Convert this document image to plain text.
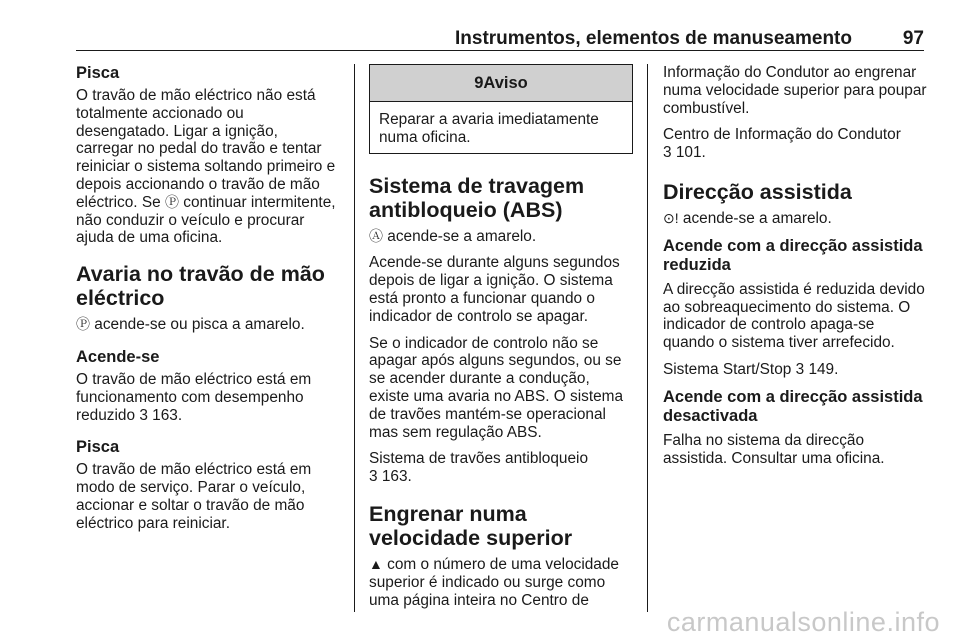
Instrumentos, elementos de manuseamento	97
Pisca

O travão de mão eléctrico não está totalmente accionado ou desengatado. Ligar a ignição, carregar no pedal do travão e tentar reiniciar o sistema soltando primeiro e depois accionando o travão de mão eléctrico. Se Ⓟ continuar intermitente, não conduzir o veículo e procurar ajuda de uma oficina.

Avaria no travão de mão eléctrico

Ⓟ acende-se ou pisca a amarelo.

Acende-se

O travão de mão eléctrico está em funcionamento com desempenho reduzido 3 163.

Pisca

O travão de mão eléctrico está em modo de serviço. Parar o veículo, accionar e soltar o travão de mão eléctrico para reiniciar.

9Aviso

Reparar a avaria imediatamente numa oficina.

Sistema de travagem antibloqueio (ABS)

Ⓐ acende-se a amarelo.

Acende-se durante alguns segundos depois de ligar a ignição. O sistema está pronto a funcionar quando o indicador de controlo se apagar.

Se o indicador de controlo não se apagar após alguns segundos, ou se se acender durante a condução, existe uma avaria no ABS. O sistema de travões mantém-se operacional mas sem regulação ABS.

Sistema de travões antibloqueio
3 163.

Engrenar numa velocidade superior

▲ com o número de uma velocidade superior é indicado ou surge como uma página inteira no Centro de

Informação do Condutor ao engrenar numa velocidade superior para poupar combustível.

Centro de Informação do Condutor
3 101.

Direcção assistida

⊙! acende-se a amarelo.

Acende com a direcção assistida reduzida

A direcção assistida é reduzida devido ao sobreaquecimento do sistema. O indicador de controlo apaga-se quando o sistema tiver arrefecido.

Sistema Start/Stop 3 149.

Acende com a direcção assistida desactivada

Falha no sistema da direcção assistida. Consultar uma oficina.

carmanualsonline.info
